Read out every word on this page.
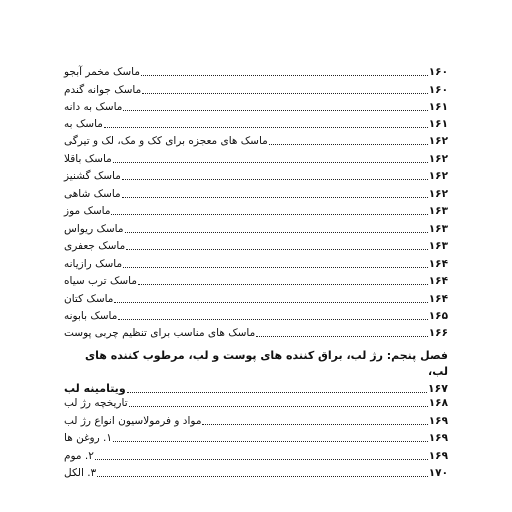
ماسک مخمر آبجو	۱۶۰
ماسک جوانه گندم	۱۶۰
ماسک به دانه	۱۶۱
ماسک به	۱۶۱
ماسک های معجزه برای کک و مک، لک و تیرگی	۱۶۲
ماسک باقلا	۱۶۲
ماسک گشنیز	۱۶۲
ماسک شاهی	۱۶۲
ماسک موز	۱۶۳
ماسک ریواس	۱۶۳
ماسک جعفری	۱۶۳
ماسک رازیانه	۱۶۴
ماسک ترب سیاه	۱۶۴
ماسک کتان	۱۶۴
ماسک بابونه	۱۶۵
ماسک های مناسب برای تنظیم چربی پوست	۱۶۶
فصل پنجم: رژ لب، براق کننده های پوست و لب، مرطوب کننده های لب،
ویتامینه لب	۱۶۷
تاریخچه رژ لب	۱۶۸
مواد و فرمولاسیون انواع رژ لب	۱۶۹
۱. روغن ها	۱۶۹
۲. موم	۱۶۹
۳. الکل	۱۷۰
